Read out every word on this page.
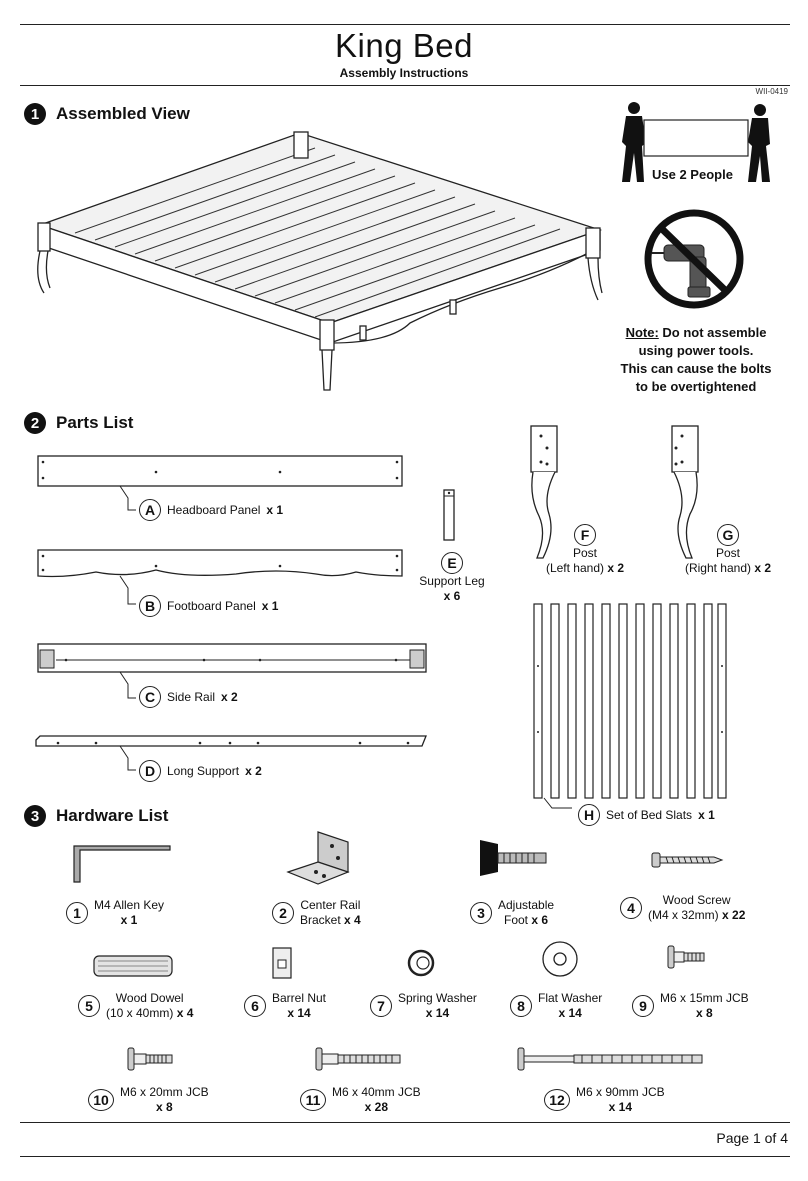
King Bed
Assembly Instructions
WII-0419
1 Assembled View
Use 2 People
Note: Do not assemble
using power tools.
This can cause the bolts
to be overtightened
2 Parts List
A Headboard Panel x 1
B Footboard Panel x 1
C Side Rail x 2
D Long Support x 2
E
Support Leg
x 6
F
Post
(Left hand) x 2
G
Post
(Right hand) x 2
H Set of Bed Slats x 1
3 Hardware List
1	M4 Allen Key
x 1	2	Center Rail
Bracket x 4	3	Adjustable
Foot x 6
4	Wood Screw
(M4 x 32mm) x 22
5	Wood Dowel
(10 x 40mm) x 4	6	Barrel Nut
x 14	7	Spring Washer
x 14	8	Flat Washer
x 14	9	M6 x 15mm JCB
x 8
10 M6 x 20mm JCB
x 8	11 M6 x 40mm JCB
x 28	12 M6 x 90mm JCB
x 14
Page 1 of 4
